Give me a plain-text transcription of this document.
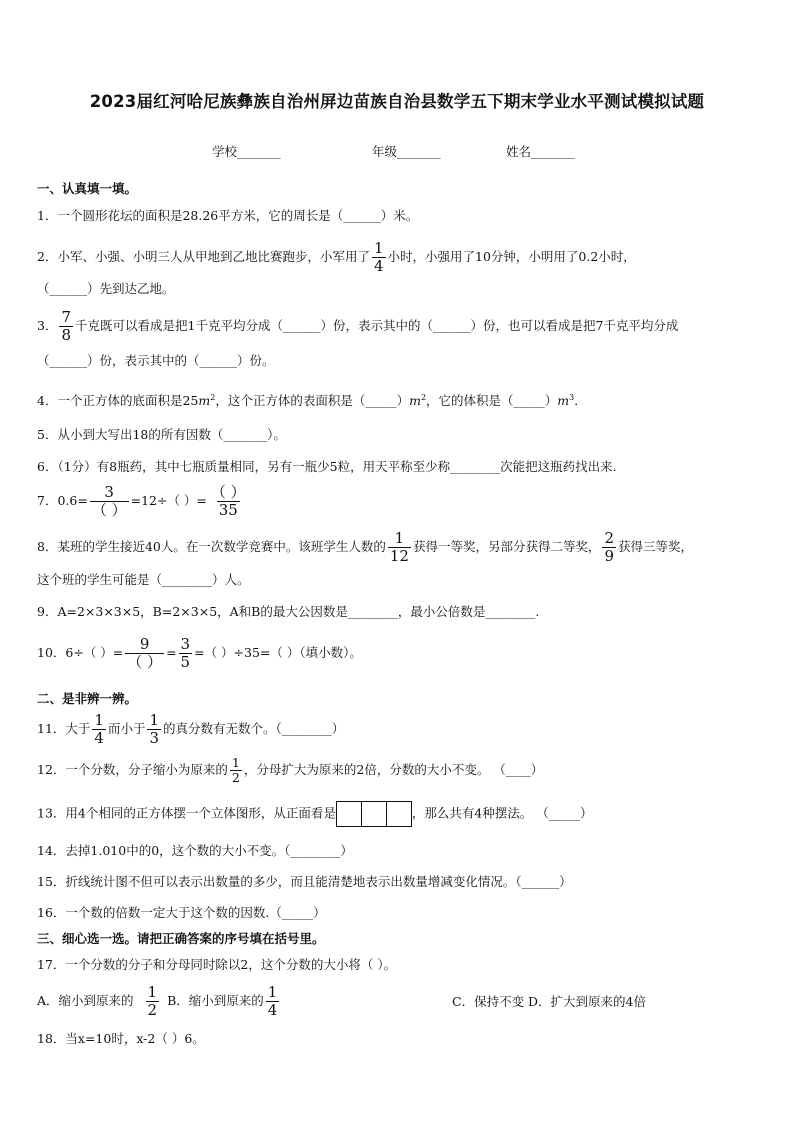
2023届红河哈尼族彝族自治州屏边苗族自治县数学五下期末学业水平测试模拟试题
学校_______	年级_______	姓名_______
一、认真填一填。
1．一个圆形花坛的面积是28.26平方米，它的周长是（______）米。
2．小军、小强、小明三人从甲地到乙地比赛跑步，小军用了 $\frac{1}{4}$ 小时，小强用了10分钟，小明用了0.2小时，
（______）先到达乙地。
3． $\frac{7}{8}$ 千克既可以看成是把1千克平均分成（______）份，表示其中的（______）份，也可以看成是把7千克平均分成
（______）份，表示其中的（______）份。
4．一个正方体的底面积是$25m^2$，这个正方体的表面积是$(\_\_\_\_\_)m^2$，它的体积是$(\_\_\_\_\_)m^3$．
5．从小到大写出18的所有因数（_______）。
6．（1分）有8瓶药，其中七瓶质量相同，另有一瓶少5粒，用天平称至少称________次能把这瓶药找出来.
7．$0.6= \frac{3}{( )} =12\div$（ ）= $\frac{( )}{35}$
8．某班的学生接近40人。在一次数学竞赛中。该班学生人数的 $\frac{1}{12}$ 获得一等奖，另部分获得二等奖， $\frac{2}{9}$ 获得三等奖，
这个班的学生可能是（________）人。
9．A=2×3×3×5，B=2×3×5，A和B的最大公因数是________，最小公倍数是________.
10．6÷（ ）= $\frac{9}{( )} = \frac{3}{5}$ =（ ）÷35=（ ）（填小数）。
二、是非辨一辨。
11．大于 $\frac{1}{4}$ 而小于 $\frac{1}{3}$ 的真分数有无数个。（________）
12．一个分数，分子缩小为原来的 $\frac{1}{2}$ ，分母扩大为原来的2倍，分数的大小不变。 （____）
13．用4个相同的正方体摆一个立体图形，从正面看是	，那么共有4种摆法。 （_____）
14．去掉1.010中的0，这个数的大小不变。（________）
15．折线统计图不但可以表示出数量的多少，而且能清楚地表示出数量增减变化情况。（______）
16．一个数的倍数一定大于这个数的因数.（_____）
三、细心选一选。请把正确答案的序号填在括号里。
17．一个分数的分子和分母同时除以2，这个分数的大小将（ ）。
A．缩小到原来的 $\frac{1}{2}$ B．缩小到原来的 $\frac{1}{4}$	C．保持不变 D．扩大到原来的4倍
18．当x=10时，x-2（ ）6。
